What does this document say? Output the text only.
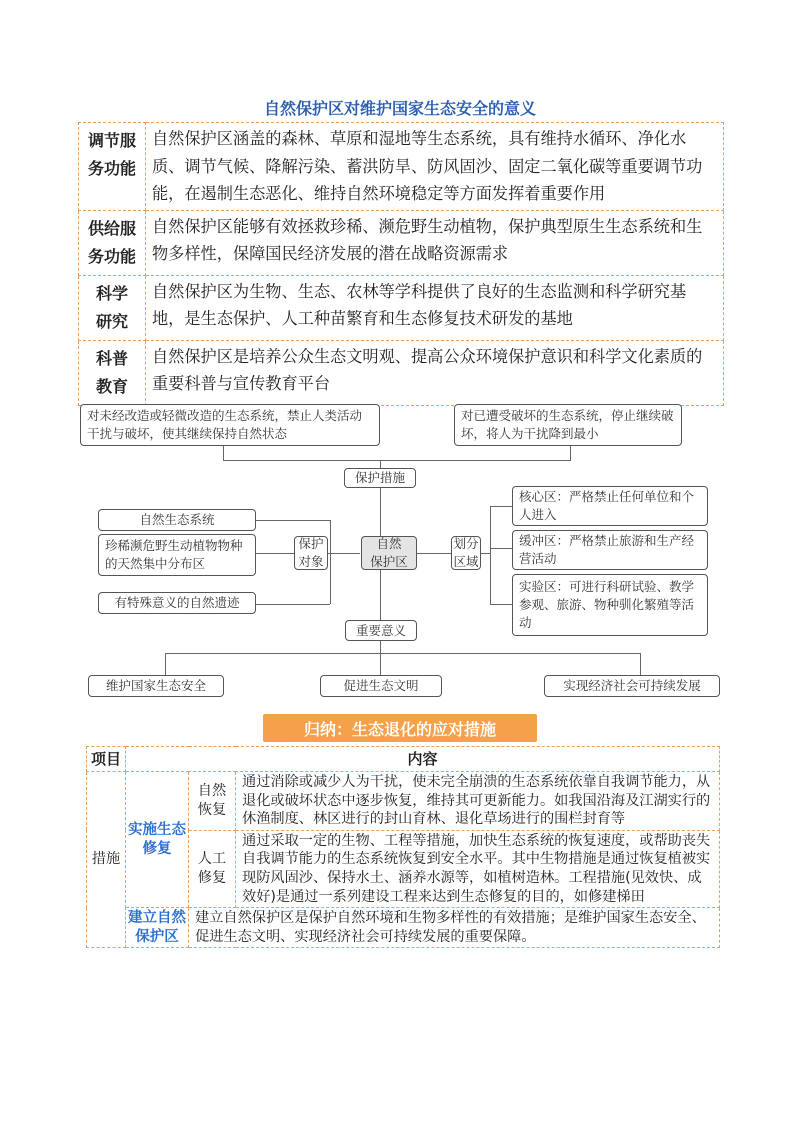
自然保护区对维护国家生态安全的意义
调节服
务功能	自然保护区涵盖的森林、草原和湿地等生态系统，具有维持水循环、净化水质、调节气候、降解污染、蓄洪防旱、防风固沙、固定二氧化碳等重要调节功能，在遏制生态恶化、维持自然环境稳定等方面发挥着重要作用
供给服
务功能	自然保护区能够有效拯救珍稀、濒危野生动植物，保护典型原生生态系统和生物多样性，保障国民经济发展的潜在战略资源需求
科学
研究	自然保护区为生物、生态、农林等学科提供了良好的生态监测和科学研究基地，是生态保护、人工种苗繁育和生态修复技术研发的基地
科普
教育	自然保护区是培养公众生态文明观、提高公众环境保护意识和科学文化素质的重要科普与宣传教育平台
对未经改造或轻微改造的生态系统，禁止人类活动干扰与破坏，使其继续保持自然状态
对已遭受破坏的生态系统，停止继续破坏，将人为干扰降到最小
保护措施
自然
保护区
保护
对象
划分
区域
自然生态系统
珍稀濒危野生动植物物种的天然集中分布区
有特殊意义的自然遗迹
核心区：严格禁止任何单位和个人进入
缓冲区：严格禁止旅游和生产经营活动
实验区：可进行科研试验、教学参观、旅游、物种驯化繁殖等活动
重要意义
维护国家生态安全	促进生态文明	实现经济社会可持续发展
归纳：生态退化的应对措施
项目	内容		
措施	实施生态修复	自然
恢复	通过消除或减少人为干扰，使未完全崩溃的生态系统依靠自我调节能力，从退化或破坏状态中逐步恢复，维持其可更新能力。如我国沿海及江湖实行的休渔制度、林区进行的封山育林、退化草场进行的围栏封育等
		人工
修复	通过采取一定的生物、工程等措施，加快生态系统的恢复速度，或帮助丧失自我调节能力的生态系统恢复到安全水平。其中生物措施是通过恢复植被实现防风固沙、保持水土、涵养水源等，如植树造林。工程措施(见效快、成效好)是通过一系列建设工程来达到生态修复的目的，如修建梯田
	建立自然保护区	建立自然保护区是保护自然环境和生物多样性的有效措施；是维护国家生态安全、促进生态文明、实现经济社会可持续发展的重要保障。	
